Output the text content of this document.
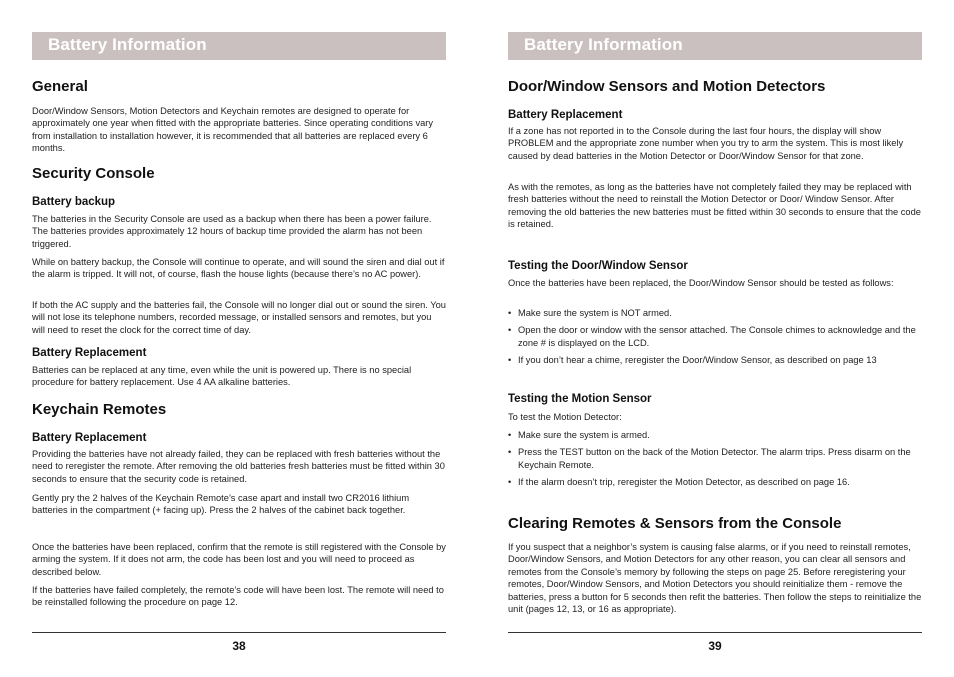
Battery Information
General
Door/Window Sensors, Motion Detectors and Keychain remotes are designed to operate for approximately one year when fitted with the appropriate batteries. Since operating conditions vary from installation to installation however, it is recommended that all batteries are replaced every 6 months.
Security Console
Battery backup
The batteries in the Security Console are used as a backup when there has been a power failure. The batteries provides approximately 12 hours of backup time provided the alarm has not been triggered.
While on battery backup, the Console will continue to operate, and will sound the siren and dial out if the alarm is tripped. It will not, of course, flash the house lights (because there’s no AC power).
If both the AC supply and the batteries fail, the Console will no longer dial out or sound the siren. You will not lose its telephone numbers, recorded message, or installed sensors and remotes, but you will need to reset the clock for the correct time of day.
Battery Replacement
Batteries can be replaced at any time, even while the unit is powered up. There is no special procedure for battery replacement. Use 4 AA alkaline batteries.
Keychain Remotes
Battery Replacement
Providing the batteries have not already failed, they can be replaced with fresh batteries without the need to reregister the remote. After removing the old batteries fresh batteries must be fitted within 30 seconds to ensure that the security code is retained.
Gently pry the 2 halves of the Keychain Remote’s case apart and install two CR2016 lithium batteries in the compartment (+ facing up). Press the 2 halves of the cabinet back together.
Once the batteries have been replaced, confirm that the remote is still registered with the Console by arming the system. If it does not arm, the code has been lost and you will need to proceed as described below.
If the batteries have failed completely, the remote’s code will have been lost. The remote will need to be reinstalled following the procedure on page 12.
38
Battery Information
Door/Window Sensors and Motion Detectors
Battery Replacement
If a zone has not reported in to the Console during the last four hours, the display will show PROBLEM and the appropriate zone number when you try to arm the system. This is most likely caused by dead batteries in the Motion Detector or Door/Window Sensor for that zone.
As with the remotes, as long as the batteries have not completely failed they may be replaced with fresh batteries without the need to reinstall the Motion Detector or Door/ Window Sensor. After removing the old batteries the new batteries must be fitted within 30 seconds to ensure that the code is retained.
Testing the Door/Window Sensor
Once the batteries have been replaced, the Door/Window Sensor should be tested as follows:
• Make sure the system is NOT armed.
• Open the door or window with the sensor attached. The Console chimes to acknowledge and the zone # is displayed on the LCD.
• If you don’t hear a chime, reregister the Door/Window Sensor, as described on page 13
Testing the Motion Sensor
To test the Motion Detector:
• Make sure the system is armed.
• Press the TEST button on the back of the Motion Detector. The alarm trips. Press disarm on the Keychain Remote.
• If the alarm doesn’t trip, reregister the Motion Detector, as described on page 16.
Clearing Remotes & Sensors from the Console
If you suspect that a neighbor’s system is causing false alarms, or if you need to reinstall remotes, Door/Window Sensors, and Motion Detectors for any other reason, you can clear all sensors and remotes from the Console’s memory by following the steps on page 25. Before reregistering your remotes, Door/Window Sensors, and Motion Detectors you should reinitialize them - remove the batteries, press a button for 5 seconds then refit the batteries. Then follow the steps to reinitialize the unit (pages 12, 13, or 16 as appropriate).
39
